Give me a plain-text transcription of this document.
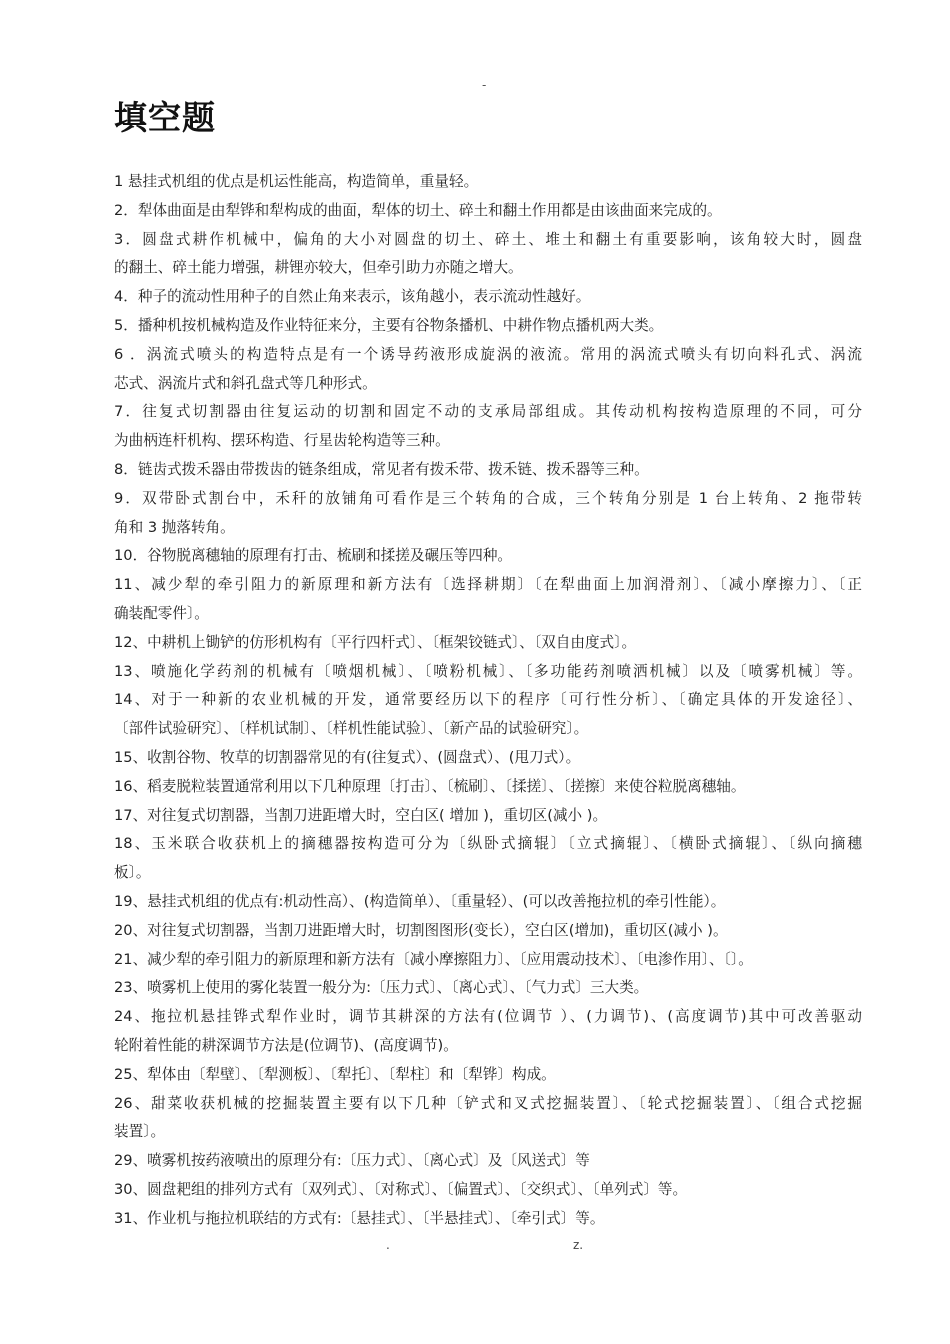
-
填空题
1 悬挂式机组的优点是机运性能高，构造简单，重量轻。
2．犁体曲面是由犁铧和犁构成的曲面，犁体的切土、碎土和翻土作用都是由该曲面来完成的。
3．圆盘式耕作机械中，偏角的大小对圆盘的切土、碎土、堆土和翻土有重要影响，该角较大时，圆盘
的翻土、碎土能力增强，耕锂亦较大，但牵引助力亦随之增大。
4．种子的流动性用种子的自然止角来表示，该角越小，表示流动性越好。
5．播种机按机械构造及作业特征来分，主要有谷物条播机、中耕作物点播机两大类。
6 ．涡流式喷头的构造特点是有一个诱导药液形成旋涡的液流。常用的涡流式喷头有切向料孔式、涡流
芯式、涡流片式和斜孔盘式等几种形式。
7．往复式切割器由往复运动的切割和固定不动的支承局部组成。其传动机构按构造原理的不同，可分
为曲柄连杆机构、摆环构造、行星齿轮构造等三种。
8．链齿式拨禾器由带拨齿的链条组成，常见者有拨禾带、拨禾链、拨禾器等三种。
9．双带卧式割台中，禾秆的放铺角可看作是三个转角的合成，三个转角分别是 1 台上转角、2 拖带转
角和 3 抛落转角。
10．谷物脱离穗轴的原理有打击、梳刷和揉搓及碾压等四种。
11、减少犁的牵引阻力的新原理和新方法有〔选择耕期〕〔在犁曲面上加润滑剂〕、〔减小摩擦力〕、〔正
确装配零件〕。
12、中耕机上锄铲的仿形机构有〔平行四杆式〕、〔框架铰链式〕、〔双自由度式〕。
13、喷施化学药剂的机械有〔喷烟机械〕、〔喷粉机械〕、〔多功能药剂喷洒机械〕以及〔喷雾机械〕等。
14、对于一种新的农业机械的开发，通常要经历以下的程序〔可行性分析〕、〔确定具体的开发途径〕、
〔部件试验研究〕、〔样机试制〕、〔样机性能试验〕、〔新产品的试验研究〕。
15、收割谷物、牧草的切割器常见的有(往复式）、(圆盘式）、(甩刀式）。
16、稻麦脱粒装置通常利用以下几种原理〔打击〕、〔梳刷〕、〔揉搓〕、〔搓擦〕来使谷粒脱离穗轴。
17、对往复式切割器，当割刀进距增大时，空白区( 增加 )，重切区(减小 )。
18、玉米联合收获机上的摘穗器按构造可分为〔纵卧式摘辊〕〔立式摘辊〕、〔横卧式摘辊〕、〔纵向摘穗
板〕。
19、悬挂式机组的优点有:机动性高）、(构造简单）、〔重量轻）、(可以改善拖拉机的牵引性能）。
20、对往复式切割器，当割刀进距增大时，切割图图形(变长），空白区(增加)，重切区(减小 )。
21、减少犁的牵引阻力的新原理和新方法有〔减小摩擦阻力〕、〔应用震动技术〕、〔电渗作用〕、〔〕。
23、喷雾机上使用的雾化装置一般分为:〔压力式〕、〔离心式〕、〔气力式〕三大类。
24、拖拉机悬挂铧式犁作业时，调节其耕深的方法有(位调节 ）、(力调节)、(高度调节)其中可改善驱动
轮附着性能的耕深调节方法是(位调节)、(高度调节)。
25、犁体由〔犁壁〕、〔犁测板〕、〔犁托〕、〔犁柱〕和〔犁铧〕构成。
26、甜菜收获机械的挖掘装置主要有以下几种〔铲式和叉式挖掘装置〕、〔轮式挖掘装置〕、〔组合式挖掘
装置〕。
29、喷雾机按药液喷出的原理分有:〔压力式〕、〔离心式〕及〔风送式〕等
30、圆盘耙组的排列方式有〔双列式〕、〔对称式〕、〔偏置式〕、〔交织式〕、〔单列式〕等。
31、作业机与拖拉机联结的方式有:〔悬挂式〕、〔半悬挂式〕、〔牵引式〕等。
.	z.
